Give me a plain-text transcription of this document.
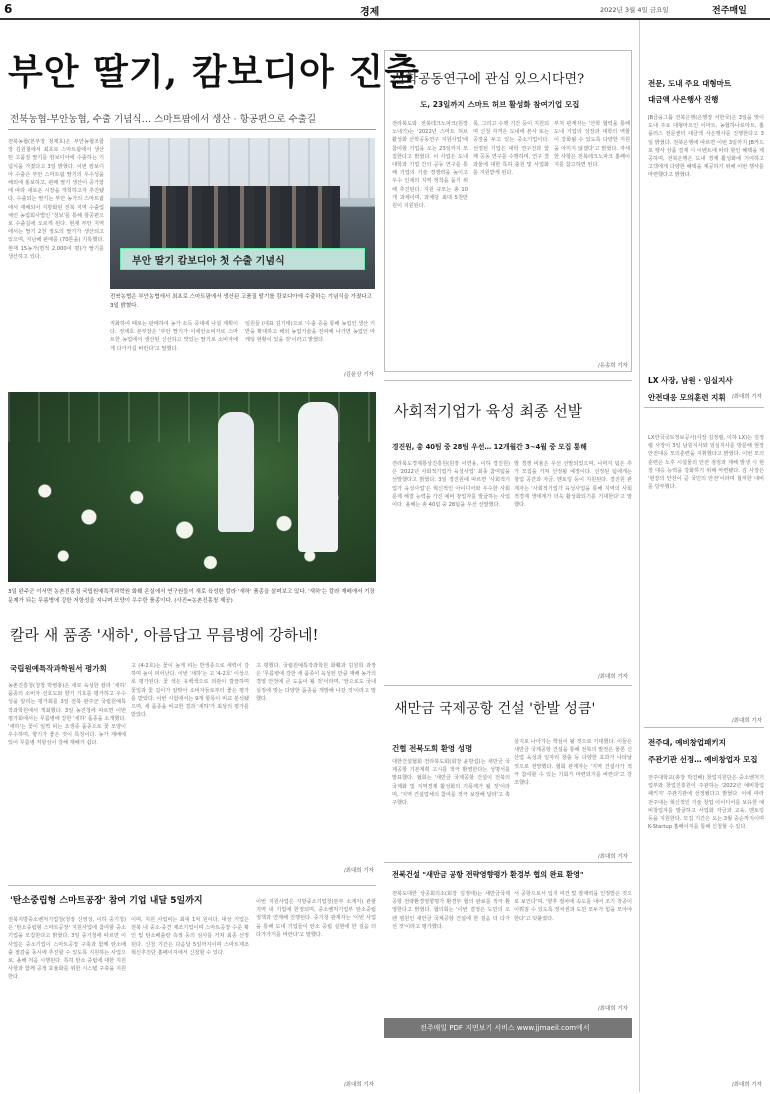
6	경제	2022년 3월 4일 금요일	전주매일
부안 딸기, 캄보디아 진출
전북농협-부안농협, 수출 기념식… 스마트팜에서 생산 · 항공편으로 수출길
전북농협(본부장 정재호)은 부안농협조합장 김원철에서 최초로 스마트팜에서 생산된 고품질 딸기를 캄보디아에 수출하는 기념식을 가졌다고 3일 밝혔다. 이번 캄보디아 수출은 부안 스마트팜 딸기의 우수성을 해외에 홍보하고, 판매 딸기 생산이 증가함에 따라 새로운 시장을 개척하고자 추진됐다. 수출되는 딸기는 부안 농가의 스마트팜에서 재배되어 지방화된 전북 지역 수출업체인 농업회사법인 '청보'를 통해 항공편으로 수출길에 오르게 된다. 현재 부안 지역에서는 딸기 2천 정도의 딸기가 생산되고 있으며, 지난해 판매를 (70톤을) 기록했다. 현재 15농가(면적 2,000여 평)가 딸기를 생산하고 있다.	부안 딸기 캄보디아 첫 수출 기념식
전북농협은 부안농협에서 최초로 스마트팜에서 생산된 고품질 딸기를 캄보디아에 수출하는 기념식을 가졌다고 3일 밝혔다.
직화하여 때로는 판매하여 농가 소득 증대에 나설 계획이다. 정재호 본부장은 '부안 딸기가 아세안소비자로 스마트한 농업에서 생산된 신선하고 맛있는 딸기로 소비자에게 다가가길 바란다'고 말했다.
임원들 (대표 김기태)으로 '수출 증을 통해 농업인 생산 기반을 확대하고 해외 농업기술을 전파해 나가면 농업인 마케팅 현황이 있을 것'이라고 밝혔다.
/김윤상 기자
산학공동연구에 관심 있으시다면?
도, 23일까지 스마트 허브 활성화 참여기업 모집
전라북도와 전북테크노파크(원장 노내기)는 '2022년 스마트 허브 활성화 산학공동연구 지원사업'에 참여할 기업을 오는 23일까지 모집한다고 밝혔다. 이 사업은 도내 대학과 기업 간의 공동 연구를 통해 기업의 기술 경쟁력을 높이고 우수 인재의 지역 정착을 돕기 위해 추진된다. 지원 규모는 총 10개 과제이며, 과제당 최대 5천만 원이 지원된다.
목, 그리고 수행 기간 등이 지원되며 신청 자격은 도내에 본사 또는 공장을 두고 있는 중소기업이다. 선정된 기업은 대학 연구진과 함께 공동 연구를 수행하며, 연구 결과물에 대한 특허 출원 및 사업화를 지원받게 된다.
부처 관계자는 '산학 협력을 통해 도내 기업의 성장과 대학의 역할이 강화될 수 있도록 다양한 지원을 아끼지 않겠다'고 밝혔다. 자세한 사항은 전북테크노파크 홈페이지를 참고하면 된다.
/유송희 기자
전문, 도내 주요 대형마트
대금액 사은행사 진행
JB금융그룹 전북은행(은행장 서한국)은 3일을 맞이 도내 주요 대형마트인 이마트, 농협하나로마트, 홈플러스 전문센터 대금액 사은행사를 진행한다고 3일 밝혔다. 전북은행에 따르면 이번 3일까지 JB카드로 행사 상품 결제 시 이벤트에 따라 할인 혜택을 제공하며, 전북은행은 도내 경제 활성화에 기여하고 고객에게 다양한 혜택을 제공하기 위해 이번 행사를 마련했다고 밝혔다.
/최대희 기자
LX 사장, 남원 · 임실지사
안전대응 모의훈련 지휘
LX한국국토정보공사(사장 김정렬, 이하 LX)는 김정렬 사장이 3일 남원지사와 임실지사를 방문해 현장안전대응 모의훈련을 지휘했다고 밝혔다. 이번 모의훈련은 노후 시설물의 안전 점검과 재해 발생 시 현장 대응 능력을 강화하기 위해 마련됐다. 김 사장은 '현장의 안전이 곧 국민의 안전'이라며 철저한 대비를 당부했다.
/최대희 기자
전주대, 예비창업패키지
주관기관 선정… 예비창업자 모집
전주대학교(총장 박진배) 창업지원단은 중소벤처기업부와 창업진흥원이 주관하는 '2022년 예비창업패키지' 주관기관에 선정됐다고 밝혔다. 이에 따라 전주대는 혁신적인 기술 창업 아이디어를 보유한 예비창업자를 발굴하고 사업화 자금과 교육, 멘토링 등을 지원한다. 모집 기간은 오는 3월 중순까지이며 K-Startup 홈페이지를 통해 신청할 수 있다.
/최대희 기자
3일 완주군 이서면 농촌진흥청 국립원예특작과학원 화훼 온실에서 연구원들이 새로 육성한 칼라 '새하' 품종을 살펴보고 있다. '새하'는 칼라 재배에서 기장 문제가 되는 무름병에 강한 저항성을 지니며 모양이 우수한 품종이다. (사진=농촌진흥청 제공)
칼라 새 품종 '새하', 아름답고 무름병에 강하네!
국립원예특작과학원서 평가회
농촌진흥청(청장 박병홍)은 새로 육성한 칼라 '새하' 품종의 소비자 선호도와 향기 기호를 평가하고 우수성을 알리는 평가회를 3일 전북 완주군 국립원예특작과학원에서 개최했다. 3일 농진청에 따르면 이번 평가회에서는 무름병에 강한 '새하' 품종을 소개했다. '새하'는 꽃이 일찍 피는 조생종 품종으로 꽃 모양이 우수하며, 향기가 좋은 것이 특징이다. 농가 재배에 있어 무름병 저항성이 강해 재배가 쉽다.
고 (4-2호)는 꽃이 높게 피는 반생종으로 세력이 강하며 높이 피어난다. 이번 '새하'는 고 '4-2호' 이상으로 평가된다. 꽃 색은 유백색으로 외관이 깔끔하며 꽃잎과 꽃 길이가 알맞아 소비자들로부터 좋은 평가를 받았다. 이번 시험에서는 9개 항목이 비교 분석됐으며, 세 품종을 비교한 결과 '새하'가 최상의 평가를 받았다.
고 평했다. 국립원예특작과학원 화훼과 김원희 과장은 '무름병에 강한 새 품종이 육성된 만큼 재배 농가의 경영 안정에 큰 도움이 될 것'이라며, '앞으로도 국내 실정에 맞는 다양한 품종을 개발해 나갈 것'이라고 말했다.
/최대희 기자
'탄소중립형 스마트공장' 참여 기업 내달 5일까지
전북지방중소벤처기업청(청장 신영성, 이하 중기청)은 '탄소중립형 스마트공장' 지원사업에 참여할 중소기업을 모집한다고 밝혔다. 3일 중기청에 따르면 이 사업은 중소기업이 스마트공장 구축과 함께 탄소배출 절감을 동시에 추진할 수 있도록 지원하는 사업으로, 올해 처음 시행된다. 특히 탄소 중립에 대한 지원사항과 함께 공정 효율화를 위한 시스템 구축을 지원한다.
이며, 지원 사업비는 최대 1억 원이다. 대상 기업은 전북 내 중소·중견 제조기업이며 스마트공장 수준 확인 및 탄소배출량 측정 등의 심사를 거쳐 최종 선정된다. 신청 기간은 다음달 5일까지이며 스마트제조혁신추진단 홈페이지에서 신청할 수 있다.
이번 지원사업은 지방중소기업청(본부 소재지) 관할 지역 내 기업에 한정되며, 중소벤처기업부 탄소중립 정책과 연계해 진행된다. 중기청 관계자는 '이번 사업을 통해 도내 기업들이 탄소 중립 실현에 한 걸음 더 다가가기를 바란다'고 말했다.
/최대희 기자
사회적기업가 육성 최종 선발
경진원, 총 40팀 중 28팀 우선… 12개월간 3~4월 중 모집 통해
전라북도경제통상진흥원(원장 이연용, 이하 경진원)은 '2022년 사회적기업가 육성사업' 최종 참여팀을 선발했다고 밝혔다. 3일 경진원에 따르면 '사회적기업가 육성사업'은 혁신적인 아이디어와 우수한 사회 문제 해결 능력을 가진 예비 창업자를 발굴하는 사업이다. 올해는 총 40팀 중 28팀을 우선 선발했다.
발 경쟁 비율은 우선 선발되었으며, 나머지 팀은 추가 모집을 거쳐 선정될 예정이다. 선정된 팀에게는 창업 공간과 자금, 멘토링 등이 지원된다. 경진원 관계자는 '사회적기업가 육성사업을 통해 지역의 사회적경제 생태계가 더욱 활성화되기를 기대한다'고 말했다.
/최대희 기자
새만금 국제공항 건설 '한발 성큼'
건협 전북도회 환영 성명
대한건설협회 전라북도회(회장 윤방섭)는 새만금 국제공항 기본계획 고시를 적극 환영한다는 성명서를 발표했다. 협회는 '새만금 국제공항 건설이 전북의 국제화 및 지역경제 활성화의 기폭제가 될 것'이라며, '지역 건설업체의 참여를 적극 보장해 달라'고 촉구했다.
살지로 나아가는 핵심이 될 것으로 기대했다. 이들은 새만금 국제공항 건설을 통해 전북의 발전은 물론 신산업 육성과 일자리 창출 등 다양한 효과가 나타날 것으로 전망했다. 협회 관계자는 '지역 건설사가 적극 참여할 수 있는 기회가 마련되기를 바란다'고 강조했다.
/최대희 기자
전북건설 "새만금 공항 전략영향평가 환경부 협의 완료 환영"
전북도대한 상공회의소(회장 김정태)는 새만금국제공항 전략환경영향평가 환경부 협의 완료를 적극 환영한다고 밝혔다. 협의회는 '이번 결정은 도민의 오랜 염원인 새만금 국제공항 건설에 한 걸음 더 다가선 것'이라고 평가했다.
서 공항으로서 입지 여건 및 잠재력을 인정받은 것으로 보인다'며, '향후 절차에 속도를 내어 조기 착공이 이뤄질 수 있도록 정치권과 도민 모두가 힘을 모아야 한다'고 덧붙였다.
/최대희 기자
전주매일 PDF 지면보기 서비스 www.jjmaeil.com에서
